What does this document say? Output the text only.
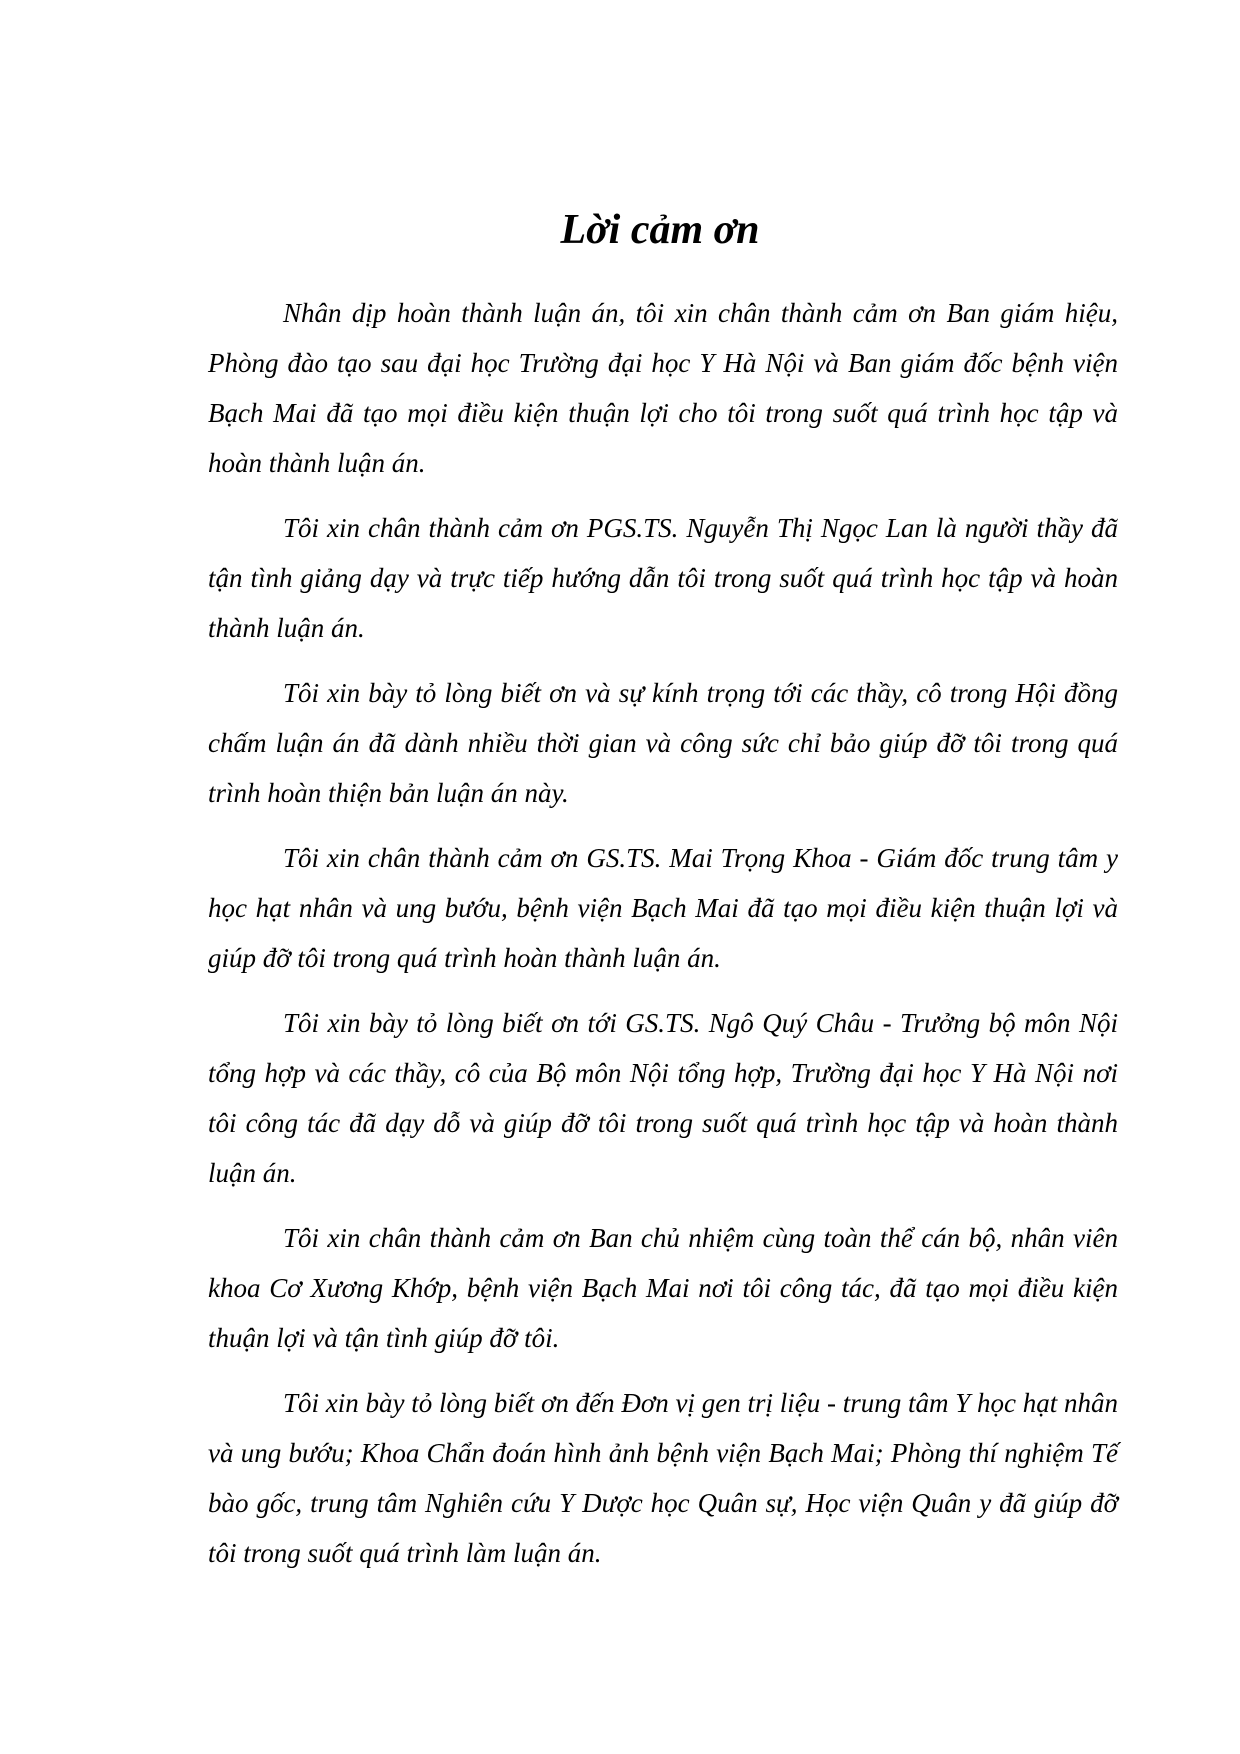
Lời cảm ơn

Nhân dịp hoàn thành luận án, tôi xin chân thành cảm ơn Ban giám hiệu, Phòng đào tạo sau đại học Trường đại học Y Hà Nội và Ban giám đốc bệnh viện Bạch Mai đã tạo mọi điều kiện thuận lợi cho tôi trong suốt quá trình học tập và hoàn thành luận án.

Tôi xin chân thành cảm ơn PGS.TS. Nguyễn Thị Ngọc Lan là người thầy đã tận tình giảng dạy và trực tiếp hướng dẫn tôi trong suốt quá trình học tập và hoàn thành luận án.

Tôi xin bày tỏ lòng biết ơn và sự kính trọng tới các thầy, cô trong Hội đồng chấm luận án đã dành nhiều thời gian và công sức chỉ bảo giúp đỡ tôi trong quá trình hoàn thiện bản luận án này.

Tôi xin chân thành cảm ơn GS.TS. Mai Trọng Khoa - Giám đốc trung tâm y học hạt nhân và ung bướu, bệnh viện Bạch Mai đã tạo mọi điều kiện thuận lợi và giúp đỡ tôi trong quá trình hoàn thành luận án.

Tôi xin bày tỏ lòng biết ơn tới GS.TS. Ngô Quý Châu - Trưởng bộ môn Nội tổng hợp và các thầy, cô của Bộ môn Nội tổng hợp, Trường đại học Y Hà Nội nơi tôi công tác đã dạy dỗ và giúp đỡ tôi trong suốt quá trình học tập và hoàn thành luận án.

Tôi xin chân thành cảm ơn Ban chủ nhiệm cùng toàn thể cán bộ, nhân viên khoa Cơ Xương Khớp, bệnh viện Bạch Mai nơi tôi công tác, đã tạo mọi điều kiện thuận lợi và tận tình giúp đỡ tôi.

Tôi xin bày tỏ lòng biết ơn đến Đơn vị gen trị liệu - trung tâm Y học hạt nhân và ung bướu; Khoa Chẩn đoán hình ảnh bệnh viện Bạch Mai; Phòng thí nghiệm Tế bào gốc, trung tâm Nghiên cứu Y Dược học Quân sự, Học viện Quân y đã giúp đỡ tôi trong suốt quá trình làm luận án.
